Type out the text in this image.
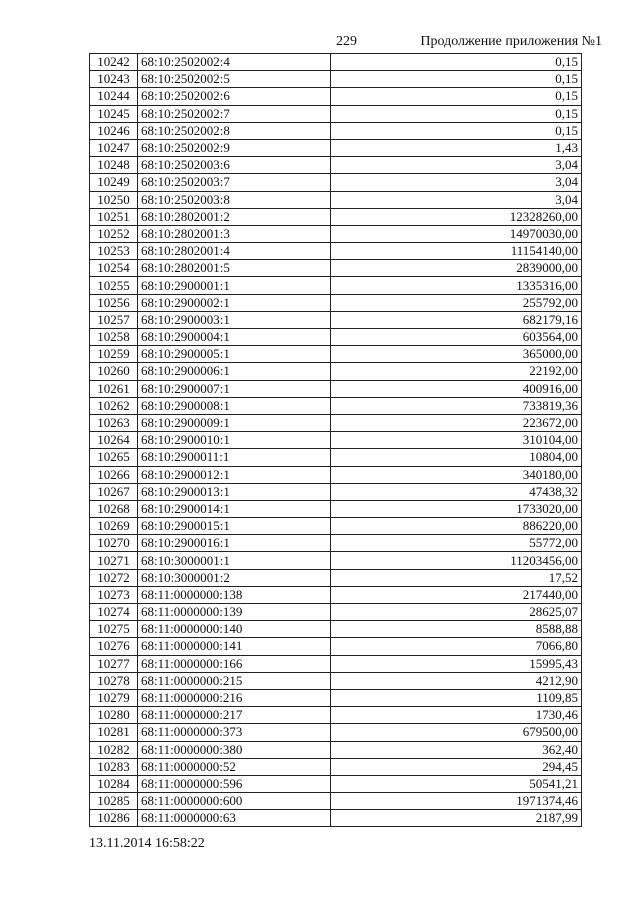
229	Продолжение приложения №1
10242	68:10:2502002:4	0,15
10243	68:10:2502002:5	0,15
10244	68:10:2502002:6	0,15
10245	68:10:2502002:7	0,15
10246	68:10:2502002:8	0,15
10247	68:10:2502002:9	1,43
10248	68:10:2502003:6	3,04
10249	68:10:2502003:7	3,04
10250	68:10:2502003:8	3,04
10251	68:10:2802001:2	12328260,00
10252	68:10:2802001:3	14970030,00
10253	68:10:2802001:4	11154140,00
10254	68:10:2802001:5	2839000,00
10255	68:10:2900001:1	1335316,00
10256	68:10:2900002:1	255792,00
10257	68:10:2900003:1	682179,16
10258	68:10:2900004:1	603564,00
10259	68:10:2900005:1	365000,00
10260	68:10:2900006:1	22192,00
10261	68:10:2900007:1	400916,00
10262	68:10:2900008:1	733819,36
10263	68:10:2900009:1	223672,00
10264	68:10:2900010:1	310104,00
10265	68:10:2900011:1	10804,00
10266	68:10:2900012:1	340180,00
10267	68:10:2900013:1	47438,32
10268	68:10:2900014:1	1733020,00
10269	68:10:2900015:1	886220,00
10270	68:10:2900016:1	55772,00
10271	68:10:3000001:1	11203456,00
10272	68:10:3000001:2	17,52
10273	68:11:0000000:138	217440,00
10274	68:11:0000000:139	28625,07
10275	68:11:0000000:140	8588,88
10276	68:11:0000000:141	7066,80
10277	68:11:0000000:166	15995,43
10278	68:11:0000000:215	4212,90
10279	68:11:0000000:216	1109,85
10280	68:11:0000000:217	1730,46
10281	68:11:0000000:373	679500,00
10282	68:11:0000000:380	362,40
10283	68:11:0000000:52	294,45
10284	68:11:0000000:596	50541,21
10285	68:11:0000000:600	1971374,46
10286	68:11:0000000:63	2187,99
13.11.2014 16:58:22
